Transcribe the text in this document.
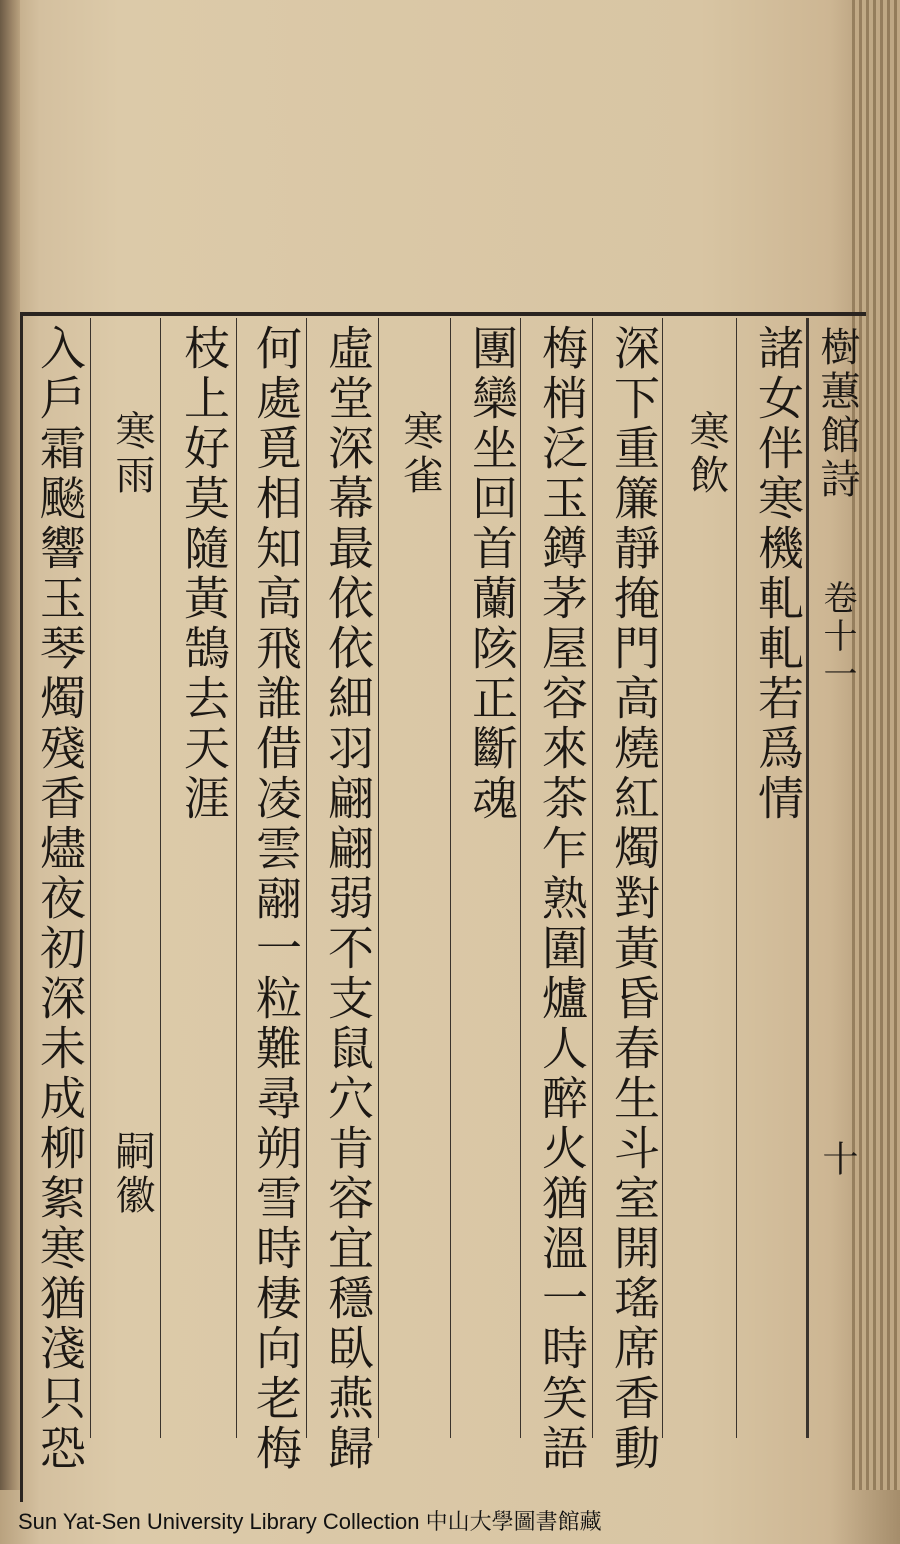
樹蕙館詩
卷十一
十
諸女伴寒機軋軋若爲情
寒飲
深下重簾靜掩門高燒紅燭對黃昏春生斗室開瑤席香動
梅梢泛玉鐏茅屋容來茶乍熟圍爐人醉火猶溫一時笑語
團欒坐回首蘭陔正斷魂
寒雀
虛堂深幕最依依細羽翩翩弱不支鼠穴肯容宜穩臥燕歸
何處覓相知高飛誰借凌雲翮一粒難尋朔雪時棲向老梅
枝上好莫隨黃鵠去天涯
寒雨
嗣徽
入戶霜飈響玉琴燭殘香燼夜初深未成柳絮寒猶淺只恐
Sun Yat-Sen University Library Collection 中山大學圖書館藏
